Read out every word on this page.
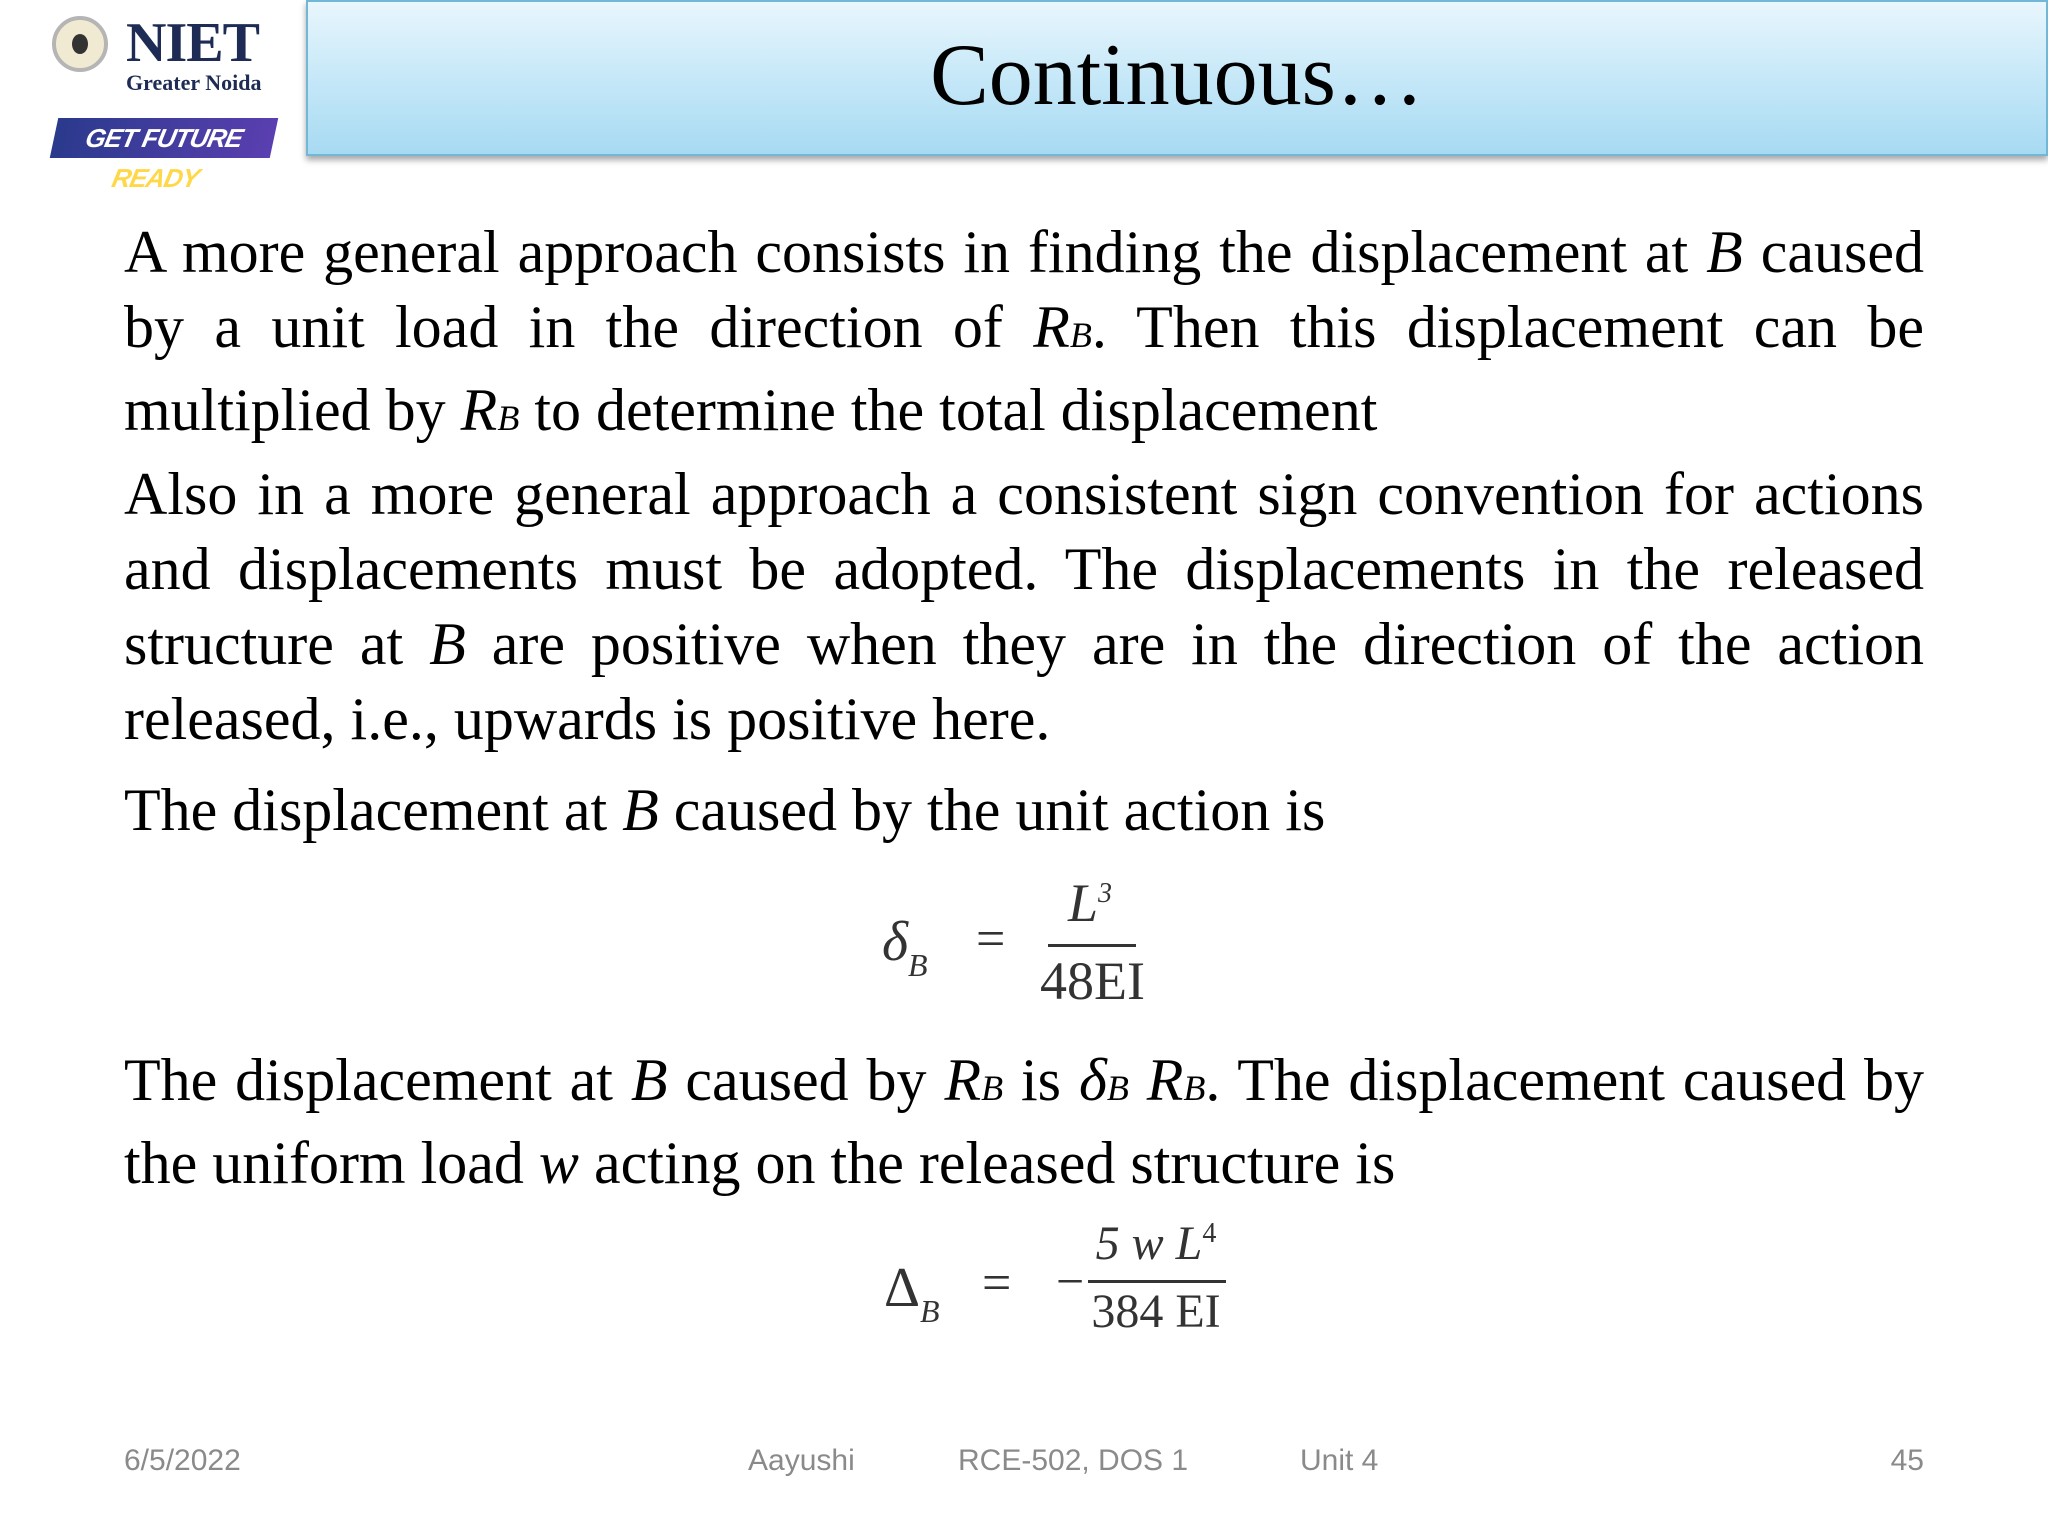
NIET
Greater Noida
GET FUTURE READY
Continuous…
A more general approach consists in finding the displacement at B caused by a unit load in the direction of RB. Then this displacement can be multiplied by RB to determine the total displacement
Also in a more general approach a consistent sign convention for actions and displacements must be adopted. The displacements in the released structure at B are positive when they are in the direction of the action released, i.e., upwards is positive here.
The displacement at B caused by the unit action is
$\delta_B$ =
$L^3$
48EI
The displacement at B caused by RB is δB RB. The displacement caused by the uniform load w acting on the released structure is
$\Delta_B$ = −
5 w $L^4$
384 EI
6/5/2022	Aayushi	RCE-502, DOS 1	Unit 4	45
